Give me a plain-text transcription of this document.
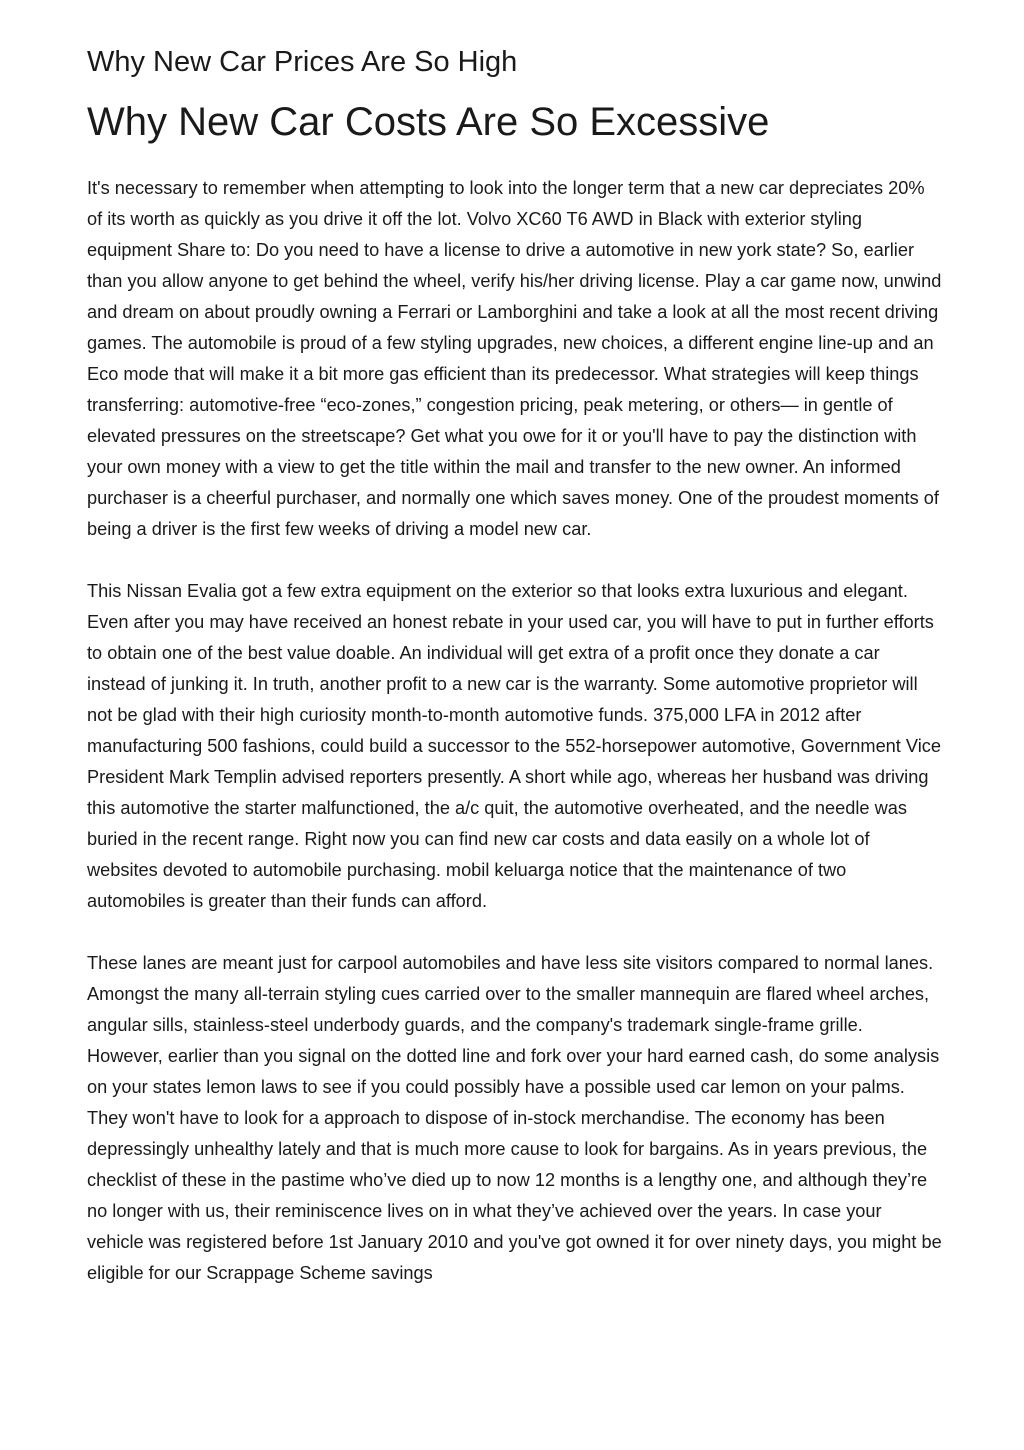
Why New Car Prices Are So High
Why New Car Costs Are So Excessive

It's necessary to remember when attempting to look into the longer term that a new car depreciates 20% of its worth as quickly as you drive it off the lot. Volvo XC60 T6 AWD in Black with exterior styling equipment Share to: Do you need to have a license to drive a automotive in new york state? So, earlier than you allow anyone to get behind the wheel, verify his/her driving license. Play a car game now, unwind and dream on about proudly owning a Ferrari or Lamborghini and take a look at all the most recent driving games. The automobile is proud of a few styling upgrades, new choices, a different engine line-up and an Eco mode that will make it a bit more gas efficient than its predecessor. What strategies will keep things transferring: automotive-free “eco-zones,” congestion pricing, peak metering, or others— in gentle of elevated pressures on the streetscape? Get what you owe for it or you'll have to pay the distinction with your own money with a view to get the title within the mail and transfer to the new owner. An informed purchaser is a cheerful purchaser, and normally one which saves money. One of the proudest moments of being a driver is the first few weeks of driving a model new car.

This Nissan Evalia got a few extra equipment on the exterior so that looks extra luxurious and elegant. Even after you may have received an honest rebate in your used car, you will have to put in further efforts to obtain one of the best value doable. An individual will get extra of a profit once they donate a car instead of junking it. In truth, another profit to a new car is the warranty. Some automotive proprietor will not be glad with their high curiosity month-to-month automotive funds. 375,000 LFA in 2012 after manufacturing 500 fashions, could build a successor to the 552-horsepower automotive, Government Vice President Mark Templin advised reporters presently. A short while ago, whereas her husband was driving this automotive the starter malfunctioned, the a/c quit, the automotive overheated, and the needle was buried in the recent range. Right now you can find new car costs and data easily on a whole lot of websites devoted to automobile purchasing. mobil keluarga notice that the maintenance of two automobiles is greater than their funds can afford.

These lanes are meant just for carpool automobiles and have less site visitors compared to normal lanes. Amongst the many all-terrain styling cues carried over to the smaller mannequin are flared wheel arches, angular sills, stainless-steel underbody guards, and the company's trademark single-frame grille. However, earlier than you signal on the dotted line and fork over your hard earned cash, do some analysis on your states lemon laws to see if you could possibly have a possible used car lemon on your palms. They won't have to look for a approach to dispose of in-stock merchandise. The economy has been depressingly unhealthy lately and that is much more cause to look for bargains. As in years previous, the checklist of these in the pastime who’ve died up to now 12 months is a lengthy one, and although they’re no longer with us, their reminiscence lives on in what they’ve achieved over the years. In case your vehicle was registered before 1st January 2010 and you've got owned it for over ninety days, you might be eligible for our Scrappage Scheme savings
